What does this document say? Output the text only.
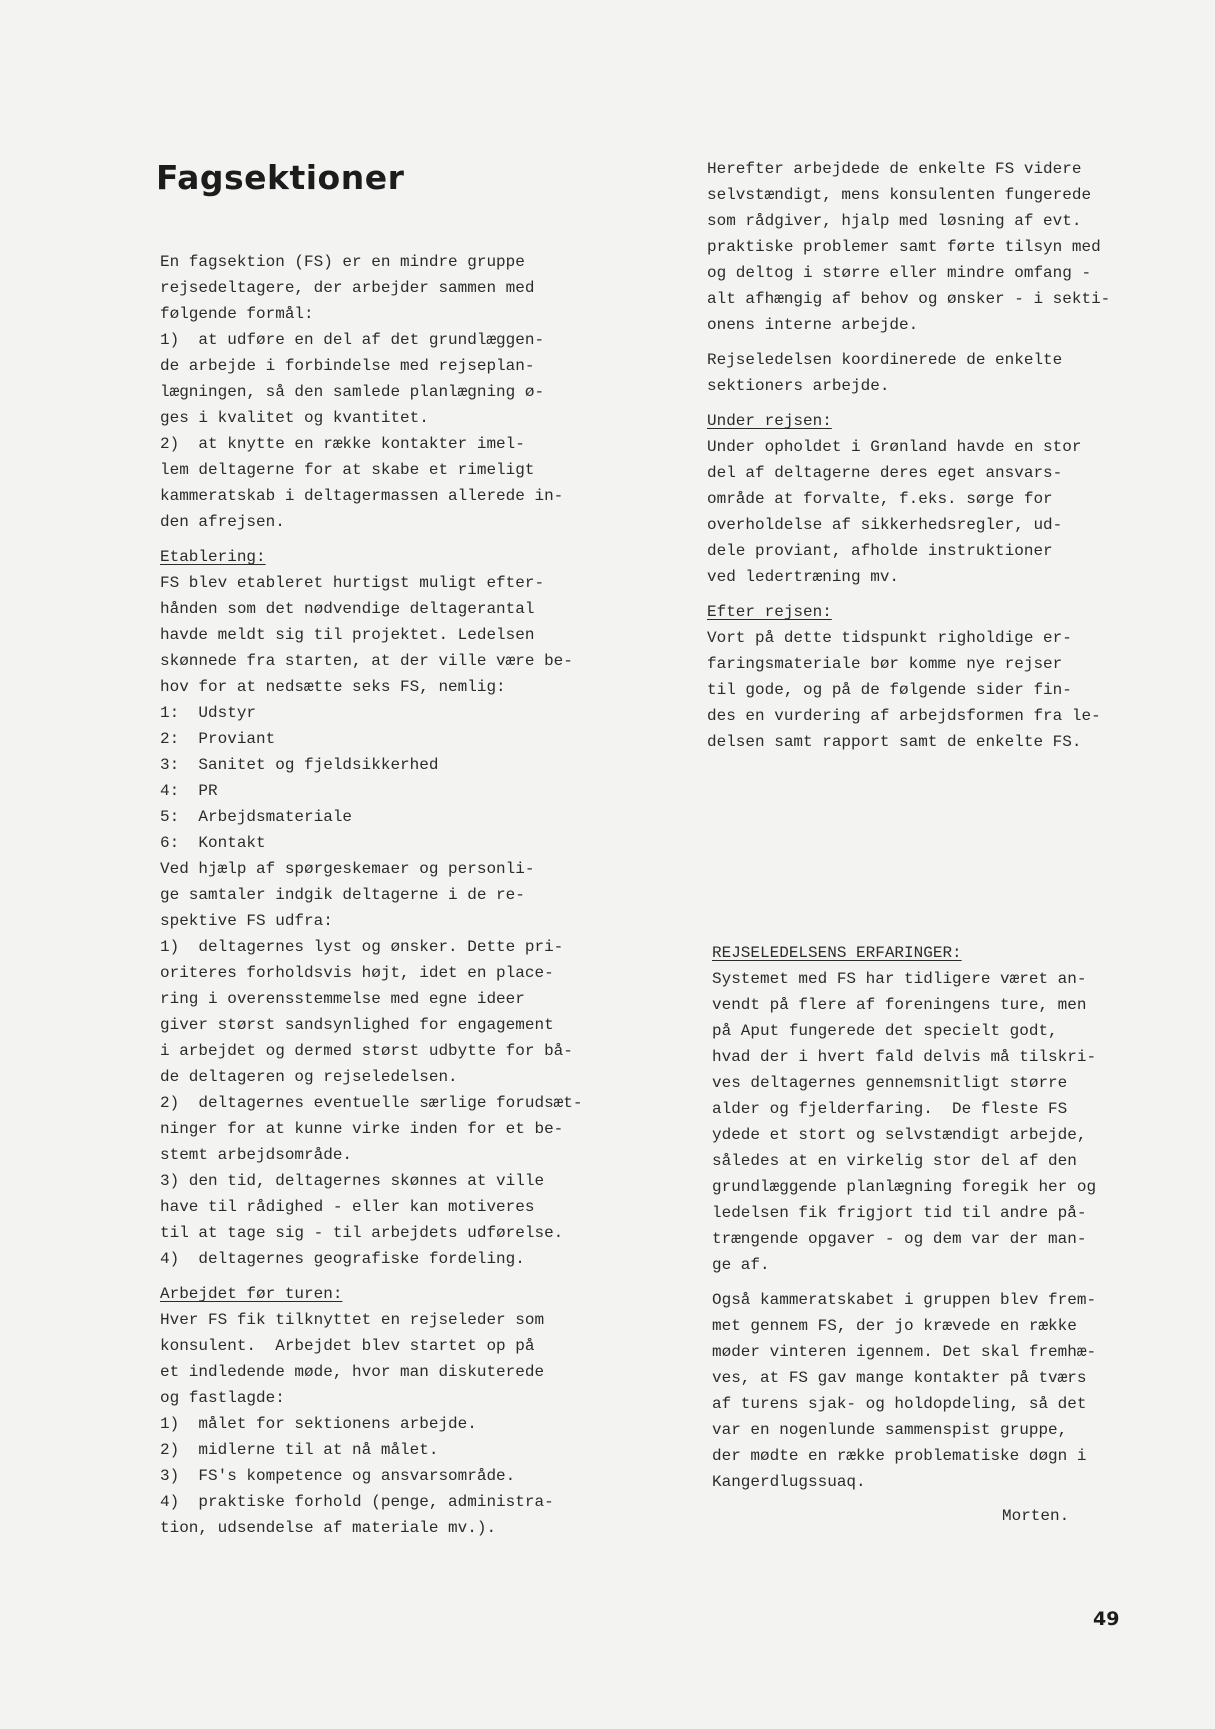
Fagsektioner
En fagsektion (FS) er en mindre gruppe
rejsedeltagere, der arbejder sammen med
følgende formål:
1)  at udføre en del af det grundlæggen-
de arbejde i forbindelse med rejseplan-
lægningen, så den samlede planlægning ø-
ges i kvalitet og kvantitet.
2)  at knytte en række kontakter imel-
lem deltagerne for at skabe et rimeligt
kammeratskab i deltagermassen allerede in-
den afrejsen.
Etablering:
FS blev etableret hurtigst muligt efter-
hånden som det nødvendige deltagerantal
havde meldt sig til projektet. Ledelsen
skønnede fra starten, at der ville være be-
hov for at nedsætte seks FS, nemlig:
1:  Udstyr
2:  Proviant
3:  Sanitet og fjeldsikkerhed
4:  PR
5:  Arbejdsmateriale
6:  Kontakt
Ved hjælp af spørgeskemaer og personli-
ge samtaler indgik deltagerne i de re-
spektive FS udfra:
1)  deltagernes lyst og ønsker. Dette pri-
oriteres forholdsvis højt, idet en place-
ring i overensstemmelse med egne ideer
giver størst sandsynlighed for engagement
i arbejdet og dermed størst udbytte for bå-
de deltageren og rejseledelsen.
2)  deltagernes eventuelle særlige forudsæt-
ninger for at kunne virke inden for et be-
stemt arbejdsområde.
3) den tid, deltagernes skønnes at ville
have til rådighed - eller kan motiveres
til at tage sig - til arbejdets udførelse.
4)  deltagernes geografiske fordeling.
Arbejdet før turen:
Hver FS fik tilknyttet en rejseleder som
konsulent.  Arbejdet blev startet op på
et indledende møde, hvor man diskuterede
og fastlagde:
1)  målet for sektionens arbejde.
2)  midlerne til at nå målet.
3)  FS's kompetence og ansvarsområde.
4)  praktiske forhold (penge, administra-
tion, udsendelse af materiale mv.).
Herefter arbejdede de enkelte FS videre
selvstændigt, mens konsulenten fungerede
som rådgiver, hjalp med løsning af evt.
praktiske problemer samt førte tilsyn med
og deltog i større eller mindre omfang -
alt afhængig af behov og ønsker - i sekti-
onens interne arbejde.
Rejseledelsen koordinerede de enkelte
sektioners arbejde.
Under rejsen:
Under opholdet i Grønland havde en stor
del af deltagerne deres eget ansvars-
område at forvalte, f.eks. sørge for
overholdelse af sikkerhedsregler, ud-
dele proviant, afholde instruktioner
ved ledertræning mv.
Efter rejsen:
Vort på dette tidspunkt righoldige er-
faringsmateriale bør komme nye rejser
til gode, og på de følgende sider fin-
des en vurdering af arbejdsformen fra le-
delsen samt rapport samt de enkelte FS.
REJSELEDELSENS ERFARINGER:
Systemet med FS har tidligere været an-
vendt på flere af foreningens ture, men
på Aput fungerede det specielt godt,
hvad der i hvert fald delvis må tilskri-
ves deltagernes gennemsnitligt større
alder og fjelderfaring.  De fleste FS
ydede et stort og selvstændigt arbejde,
således at en virkelig stor del af den
grundlæggende planlægning foregik her og
ledelsen fik frigjort tid til andre på-
trængende opgaver - og dem var der man-
ge af.
Også kammeratskabet i gruppen blev frem-
met gennem FS, der jo krævede en række
møder vinteren igennem. Det skal fremhæ-
ves, at FS gav mange kontakter på tværs
af turens sjak- og holdopdeling, så det
var en nogenlunde sammenspist gruppe,
der mødte en række problematiske døgn i
Kangerdlugssuaq.
Morten.
49
